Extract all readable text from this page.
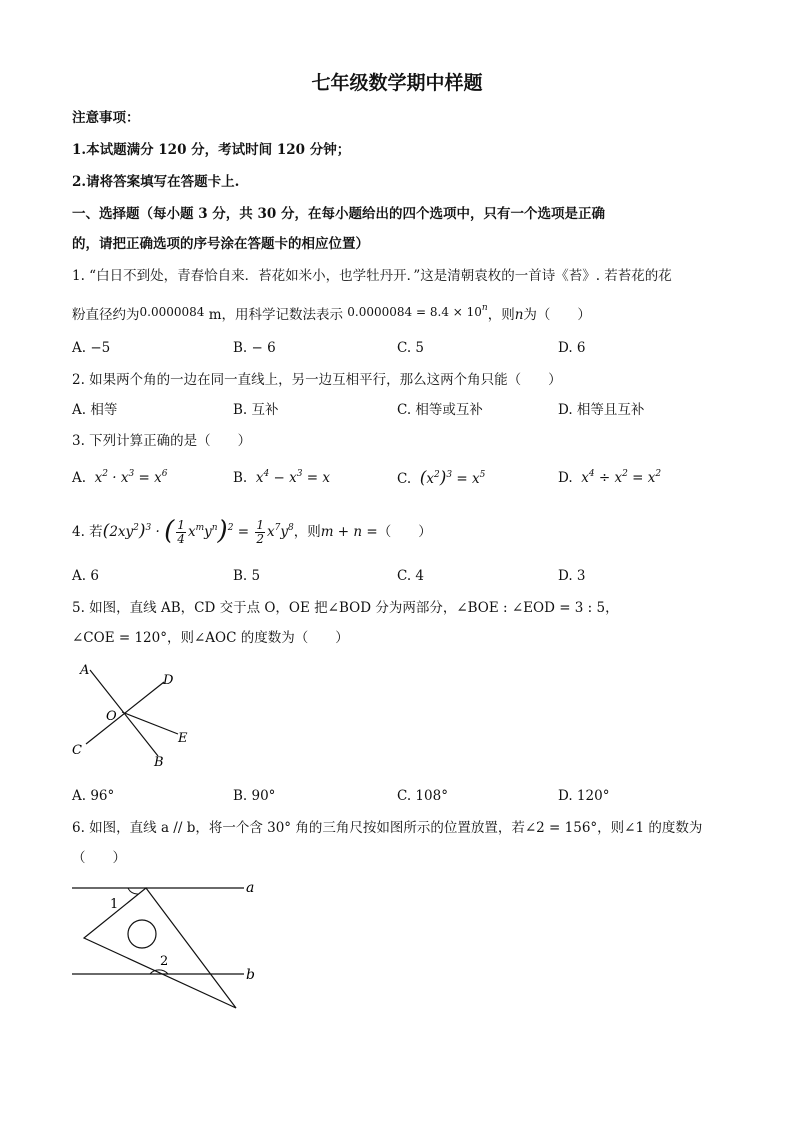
七年级数学期中样题
注意事项：
1.本试题满分 120 分，考试时间 120 分钟；
2.请将答案填写在答题卡上.
一、选择题（每小题 3 分，共 30 分，在每小题给出的四个选项中，只有一个选项是正确
的，请把正确选项的序号涂在答题卡的相应位置）
1. “白日不到处，青春恰自来．苔花如米小，也学牡丹开．”这是清朝袁枚的一首诗《苔》. 若苔花的花
粉直径约为0.0000084 m，用科学记数法表示 $0.0000084 = 8.4 \times 10^n$，则n为（　　）
A. −5	B. − 6	C. 5	D. 6
2. 如果两个角的一边在同一直线上，另一边互相平行，那么这两个角只能（　　）
A. 相等	B. 互补	C. 相等或互补	D. 相等且互补
3. 下列计算正确的是（　　）
A. $x^2 \cdot x^3 = x^6$	B. $x^4 - x^3 = x$	C. $(x^2)^3 = x^5$	D. $x^4 \div x^2 = x^2$
4. 若$(2xy^2)^3$ · ( $\frac{1}{4} x^my^n)^2 = \frac{1}{2} x^7y^8$，则m + n =（　　）
A. 6	B. 5	C. 4	D. 3
5. 如图，直线 AB，CD 交于点 O，OE 把∠BOD 分为两部分，∠BOE : ∠EOD = 3 : 5，
∠COE = 120°，则∠AOC 的度数为（　　）
A
D
O
C
E
B
A. 96°	B. 90°	C. 108°	D. 120°
6. 如图，直线 a // b，将一个含 30° 角的三角尺按如图所示的位置放置，若∠2 = 156°，则∠1 的度数为
（　　）
a
b
1
2
